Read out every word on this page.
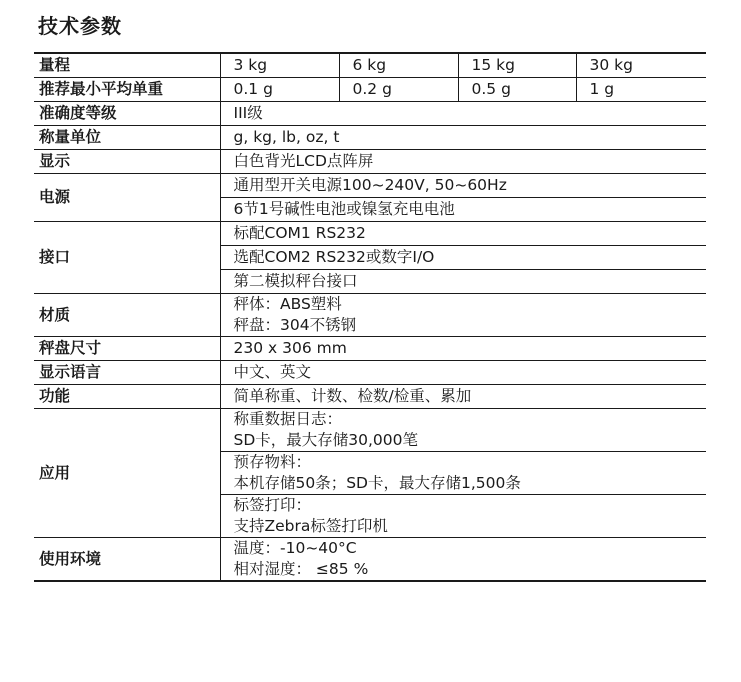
技术参数
量程	3 kg	6 kg	15 kg	30 kg
推荐最小平均单重	0.1 g	0.2 g	0.5 g	1 g
准确度等级	III级			
称量单位	g, kg, lb, oz, t			
显示	白色背光LCD点阵屏			
电源	通用型开关电源100~240V, 50~60Hz			
	6节1号碱性电池或镍氢充电电池			
接口	标配COM1 RS232			
	选配COM2 RS232或数字I/O			
	第二模拟秤台接口			
材质	秤体：ABS塑料
秤盘：304不锈钢			

秤盘尺寸	230 x 306 mm			
显示语言	中文、英文			
功能	简单称重、计数、检数/检重、累加			
应用	称重数据日志：
SD卡，最大存储30,000笔			

	预存物料：
本机存储50条；SD卡，最大存储1,500条			

	标签打印：
支持Zebra标签打印机			

使用环境	温度：-10~40°C
相对湿度： ≤85 %			
